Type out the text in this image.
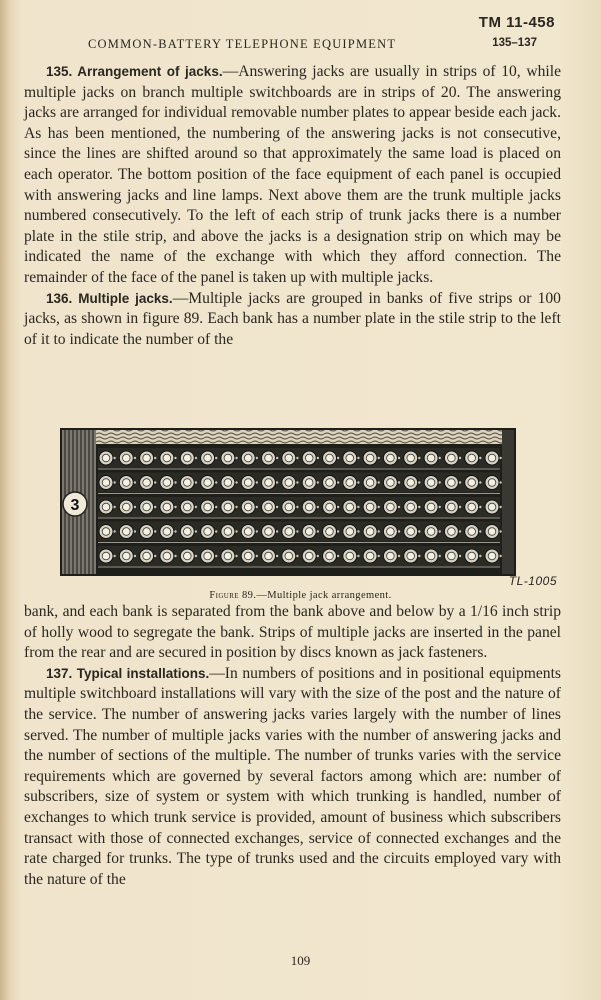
TM 11-458
COMMON-BATTERY TELEPHONE EQUIPMENT	135–137

135. Arrangement of jacks.—Answering jacks are usually in strips of 10, while multiple jacks on branch multiple switchboards are in strips of 20. The answering jacks are arranged for individual removable number plates to appear beside each jack. As has been mentioned, the numbering of the answering jacks is not consecutive, since the lines are shifted around so that approximately the same load is placed on each operator. The bottom position of the face equipment of each panel is occupied with answering jacks and line lamps. Next above them are the trunk multiple jacks numbered consecutively. To the left of each strip of trunk jacks there is a number plate in the stile strip, and above the jacks is a designation strip on which may be indicated the name of the exchange with which they afford connection. The remainder of the face of the panel is taken up with multiple jacks.

136. Multiple jacks.—Multiple jacks are grouped in banks of five strips or 100 jacks, as shown in figure 89. Each bank has a number plate in the stile strip to the left of it to indicate the number of the

3
TL-1005
Figure 89.—Multiple jack arrangement.

bank, and each bank is separated from the bank above and below by a 1/16 inch strip of holly wood to segregate the bank. Strips of multiple jacks are inserted in the panel from the rear and are secured in position by discs known as jack fasteners.

137. Typical installations.—In numbers of positions and in positional equipments multiple switchboard installations will vary with the size of the post and the nature of the service. The number of answering jacks varies largely with the number of lines served. The number of multiple jacks varies with the number of answering jacks and the number of sections of the multiple. The number of trunks varies with the service requirements which are governed by several factors among which are: number of subscribers, size of system or system with which trunking is handled, number of exchanges to which trunk service is provided, amount of business which subscribers transact with those of connected exchanges, service of connected exchanges and the rate charged for trunks. The type of trunks used and the circuits employed vary with the nature of the

109
